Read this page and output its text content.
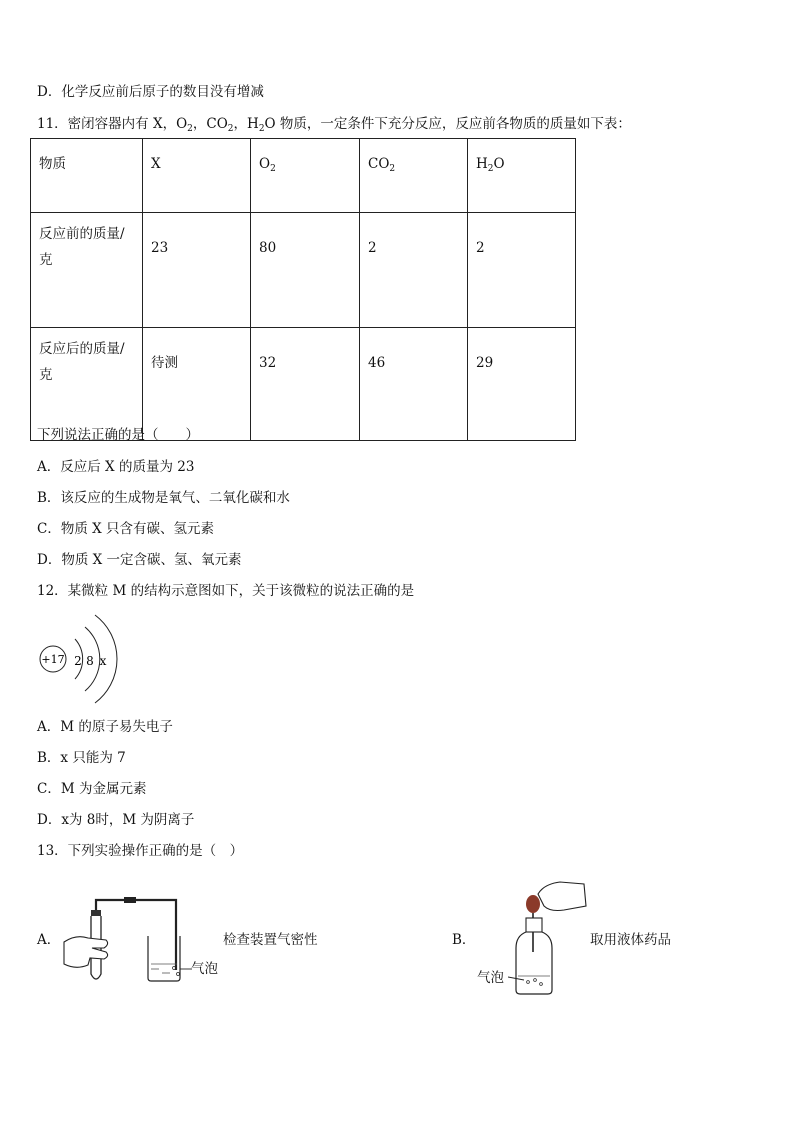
D．化学反应前后原子的数目没有增减
11．密闭容器内有 X，$O_2$，$CO_2$，$H_2O$ 物质，一定条件下充分反应，反应前各物质的质量如下表：
物质	X	$O_2$	$CO_2$	$H_2O$

反应前的质量/
克	23	80	2	2

反应后的质量/
克	待测	32	46	29
下列说法正确的是（　　）
A．反应后 X 的质量为 23
B．该反应的生成物是氧气、二氧化碳和水
C．物质 X 只含有碳、氢元素
D．物质 X 一定含碳、氢、氧元素
12．某微粒 M 的结构示意图如下，关于该微粒的说法正确的是
+17 2 8 x
A．M 的原子易失电子
B．x 只能为 7
C．M 为金属元素
D．x为 8时，M 为阴离子
13．下列实验操作正确的是（　）
A．
气泡
检查装置气密性	B．
气泡
取用液体药品
